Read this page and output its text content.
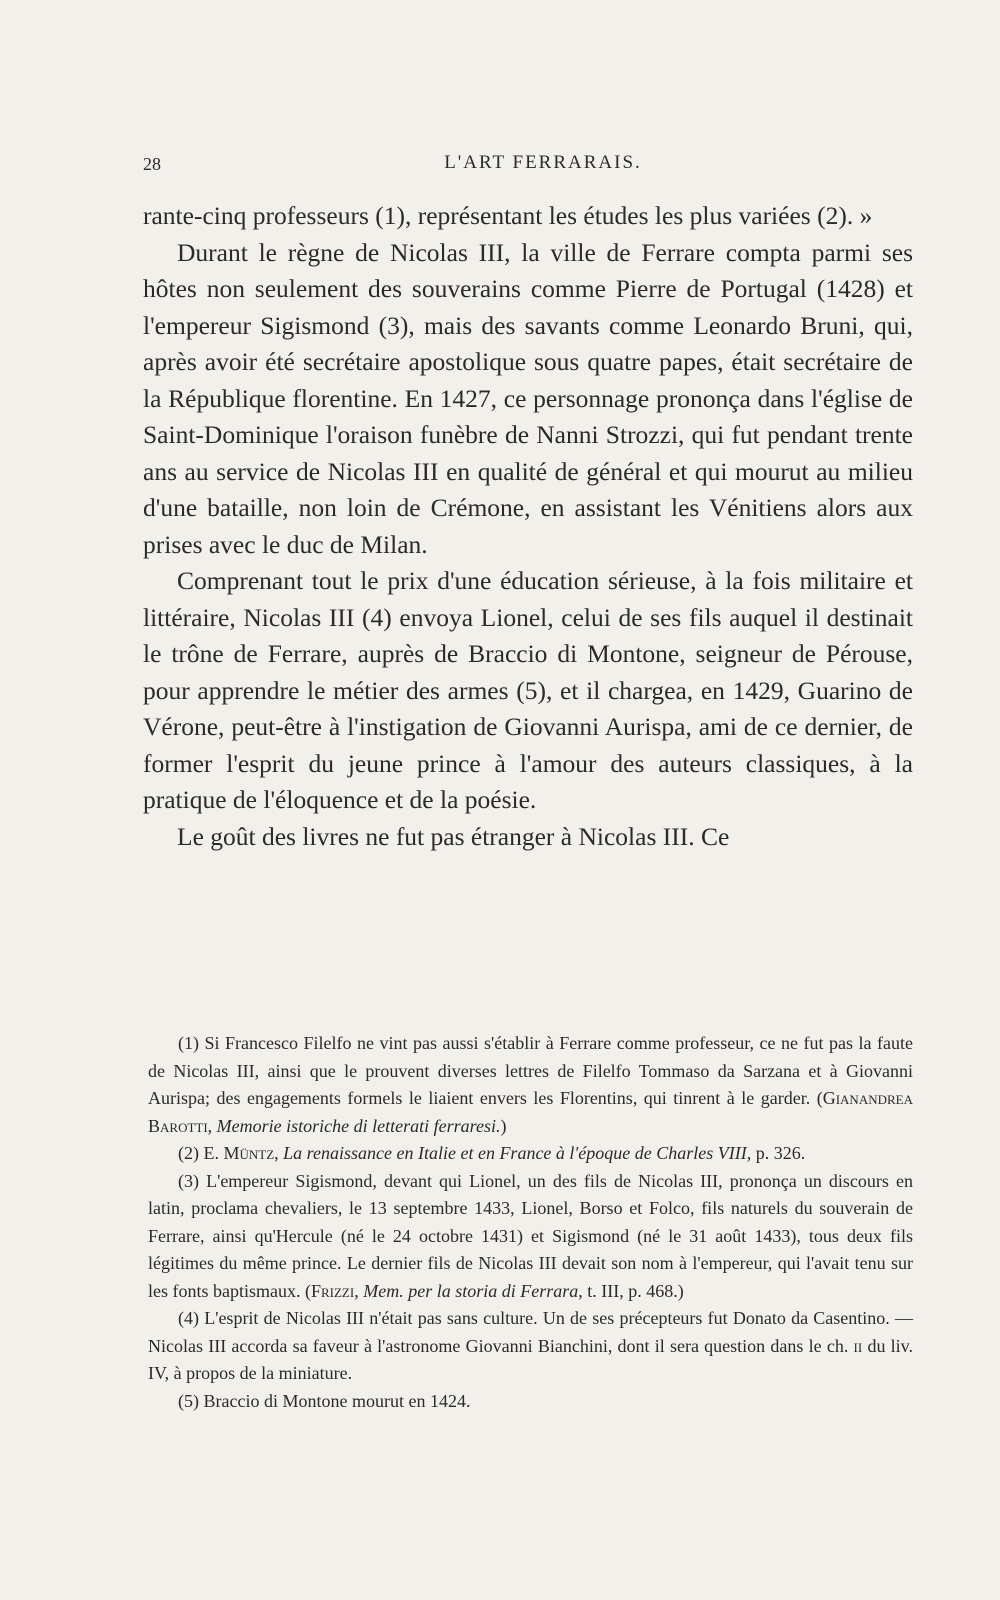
28	L'ART FERRARAIS.

rante-cinq professeurs (1), représentant les études les plus variées (2). »

Durant le règne de Nicolas III, la ville de Ferrare compta parmi ses hôtes non seulement des souverains comme Pierre de Portugal (1428) et l'empereur Sigismond (3), mais des savants comme Leonardo Bruni, qui, après avoir été secrétaire apostolique sous quatre papes, était secrétaire de la République florentine. En 1427, ce personnage prononça dans l'église de Saint-Dominique l'oraison funèbre de Nanni Strozzi, qui fut pendant trente ans au service de Nicolas III en qualité de général et qui mourut au milieu d'une bataille, non loin de Crémone, en assistant les Vénitiens alors aux prises avec le duc de Milan.

Comprenant tout le prix d'une éducation sérieuse, à la fois militaire et littéraire, Nicolas III (4) envoya Lionel, celui de ses fils auquel il destinait le trône de Ferrare, auprès de Braccio di Montone, seigneur de Pérouse, pour apprendre le métier des armes (5), et il chargea, en 1429, Guarino de Vérone, peut-être à l'instigation de Giovanni Aurispa, ami de ce dernier, de former l'esprit du jeune prince à l'amour des auteurs classiques, à la pratique de l'éloquence et de la poésie.

Le goût des livres ne fut pas étranger à Nicolas III. Ce

(1) Si Francesco Filelfo ne vint pas aussi s'établir à Ferrare comme professeur, ce ne fut pas la faute de Nicolas III, ainsi que le prouvent diverses lettres de Filelfo Tommaso da Sarzana et à Giovanni Aurispa; des engagements formels le liaient envers les Florentins, qui tinrent à le garder. (Gianandrea Barotti, Memorie istoriche di letterati ferraresi.)

(2) E. Müntz, La renaissance en Italie et en France à l'époque de Charles VIII, p. 326.

(3) L'empereur Sigismond, devant qui Lionel, un des fils de Nicolas III, prononça un discours en latin, proclama chevaliers, le 13 septembre 1433, Lionel, Borso et Folco, fils naturels du souverain de Ferrare, ainsi qu'Hercule (né le 24 octobre 1431) et Sigismond (né le 31 août 1433), tous deux fils légitimes du même prince. Le dernier fils de Nicolas III devait son nom à l'empereur, qui l'avait tenu sur les fonts baptismaux. (Frizzi, Mem. per la storia di Ferrara, t. III, p. 468.)

(4) L'esprit de Nicolas III n'était pas sans culture. Un de ses précepteurs fut Donato da Casentino. — Nicolas III accorda sa faveur à l'astronome Giovanni Bianchini, dont il sera question dans le ch. ii du liv. IV, à propos de la miniature.

(5) Braccio di Montone mourut en 1424.
